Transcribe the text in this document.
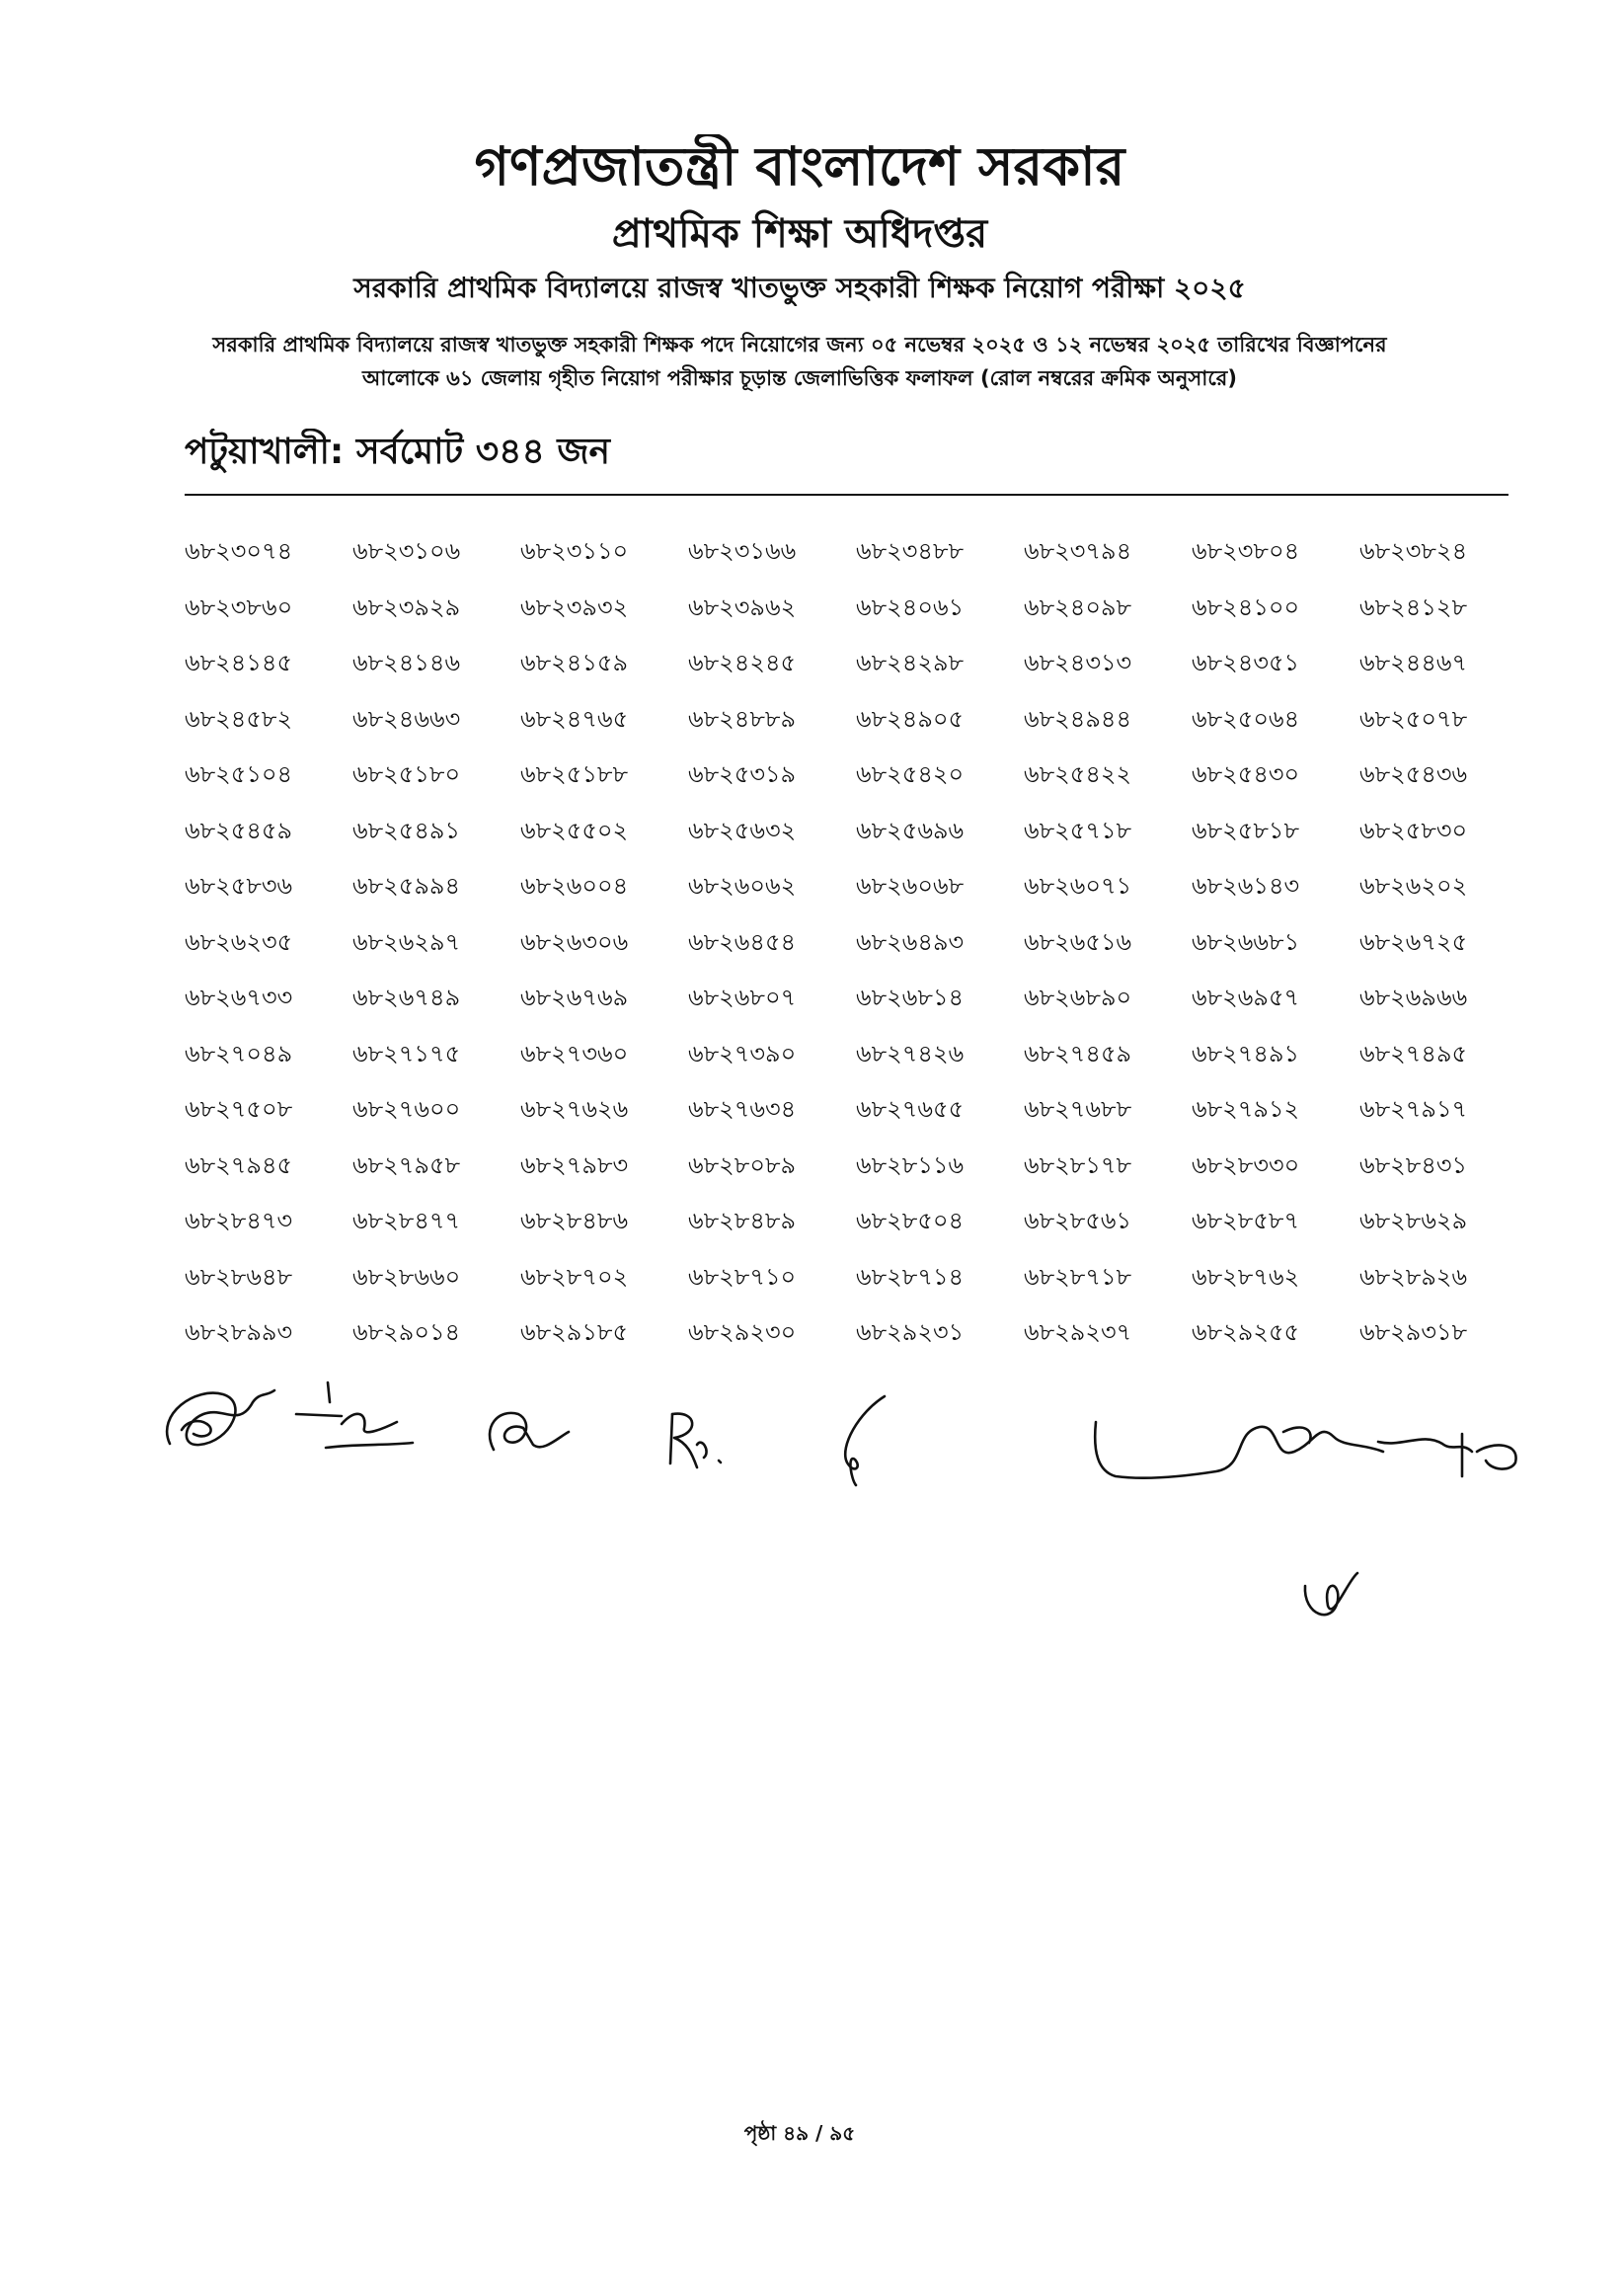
গণপ্রজাতন্ত্রী বাংলাদেশ সরকার
প্রাথমিক শিক্ষা অধিদপ্তর
সরকারি প্রাথমিক বিদ্যালয়ে রাজস্ব খাতভুক্ত সহকারী শিক্ষক নিয়োগ পরীক্ষা ২০২৫
সরকারি প্রাথমিক বিদ্যালয়ে রাজস্ব খাতভুক্ত সহকারী শিক্ষক পদে নিয়োগের জন্য ০৫ নভেম্বর ২০২৫ ও ১২ নভেম্বর ২০২৫ তারিখের বিজ্ঞাপনের
আলোকে ৬১ জেলায় গৃহীত নিয়োগ পরীক্ষার চূড়ান্ত জেলাভিত্তিক ফলাফল (রোল নম্বরের ক্রমিক অনুসারে)
পটুয়াখালী: সর্বমোট ৩৪৪ জন
৬৮২৩০৭৪	৬৮২৩১০৬	৬৮২৩১১০	৬৮২৩১৬৬	৬৮২৩৪৮৮	৬৮২৩৭৯৪	৬৮২৩৮০৪	৬৮২৩৮২৪
৬৮২৩৮৬০	৬৮২৩৯২৯	৬৮২৩৯৩২	৬৮২৩৯৬২	৬৮২৪০৬১	৬৮২৪০৯৮	৬৮২৪১০০	৬৮২৪১২৮
৬৮২৪১৪৫	৬৮২৪১৪৬	৬৮২৪১৫৯	৬৮২৪২৪৫	৬৮২৪২৯৮	৬৮২৪৩১৩	৬৮২৪৩৫১	৬৮২৪৪৬৭
৬৮২৪৫৮২	৬৮২৪৬৬৩	৬৮২৪৭৬৫	৬৮২৪৮৮৯	৬৮২৪৯০৫	৬৮২৪৯৪৪	৬৮২৫০৬৪	৬৮২৫০৭৮
৬৮২৫১০৪	৬৮২৫১৮০	৬৮২৫১৮৮	৬৮২৫৩১৯	৬৮২৫৪২০	৬৮২৫৪২২	৬৮২৫৪৩০	৬৮২৫৪৩৬
৬৮২৫৪৫৯	৬৮২৫৪৯১	৬৮২৫৫০২	৬৮২৫৬৩২	৬৮২৫৬৯৬	৬৮২৫৭১৮	৬৮২৫৮১৮	৬৮২৫৮৩০
৬৮২৫৮৩৬	৬৮২৫৯৯৪	৬৮২৬০০৪	৬৮২৬০৬২	৬৮২৬০৬৮	৬৮২৬০৭১	৬৮২৬১৪৩	৬৮২৬২০২
৬৮২৬২৩৫	৬৮২৬২৯৭	৬৮২৬৩০৬	৬৮২৬৪৫৪	৬৮২৬৪৯৩	৬৮২৬৫১৬	৬৮২৬৬৮১	৬৮২৬৭২৫
৬৮২৬৭৩৩	৬৮২৬৭৪৯	৬৮২৬৭৬৯	৬৮২৬৮০৭	৬৮২৬৮১৪	৬৮২৬৮৯০	৬৮২৬৯৫৭	৬৮২৬৯৬৬
৬৮২৭০৪৯	৬৮২৭১৭৫	৬৮২৭৩৬০	৬৮২৭৩৯০	৬৮২৭৪২৬	৬৮২৭৪৫৯	৬৮২৭৪৯১	৬৮২৭৪৯৫
৬৮২৭৫০৮	৬৮২৭৬০০	৬৮২৭৬২৬	৬৮২৭৬৩৪	৬৮২৭৬৫৫	৬৮২৭৬৮৮	৬৮২৭৯১২	৬৮২৭৯১৭
৬৮২৭৯৪৫	৬৮২৭৯৫৮	৬৮২৭৯৮৩	৬৮২৮০৮৯	৬৮২৮১১৬	৬৮২৮১৭৮	৬৮২৮৩৩০	৬৮২৮৪৩১
৬৮২৮৪৭৩	৬৮২৮৪৭৭	৬৮২৮৪৮৬	৬৮২৮৪৮৯	৬৮২৮৫০৪	৬৮২৮৫৬১	৬৮২৮৫৮৭	৬৮২৮৬২৯
৬৮২৮৬৪৮	৬৮২৮৬৬০	৬৮২৮৭০২	৬৮২৮৭১০	৬৮২৮৭১৪	৬৮২৮৭১৮	৬৮২৮৭৬২	৬৮২৮৯২৬
৬৮২৮৯৯৩	৬৮২৯০১৪	৬৮২৯১৮৫	৬৮২৯২৩০	৬৮২৯২৩১	৬৮২৯২৩৭	৬৮২৯২৫৫	৬৮২৯৩১৮
পৃষ্ঠা ৪৯ / ৯৫
